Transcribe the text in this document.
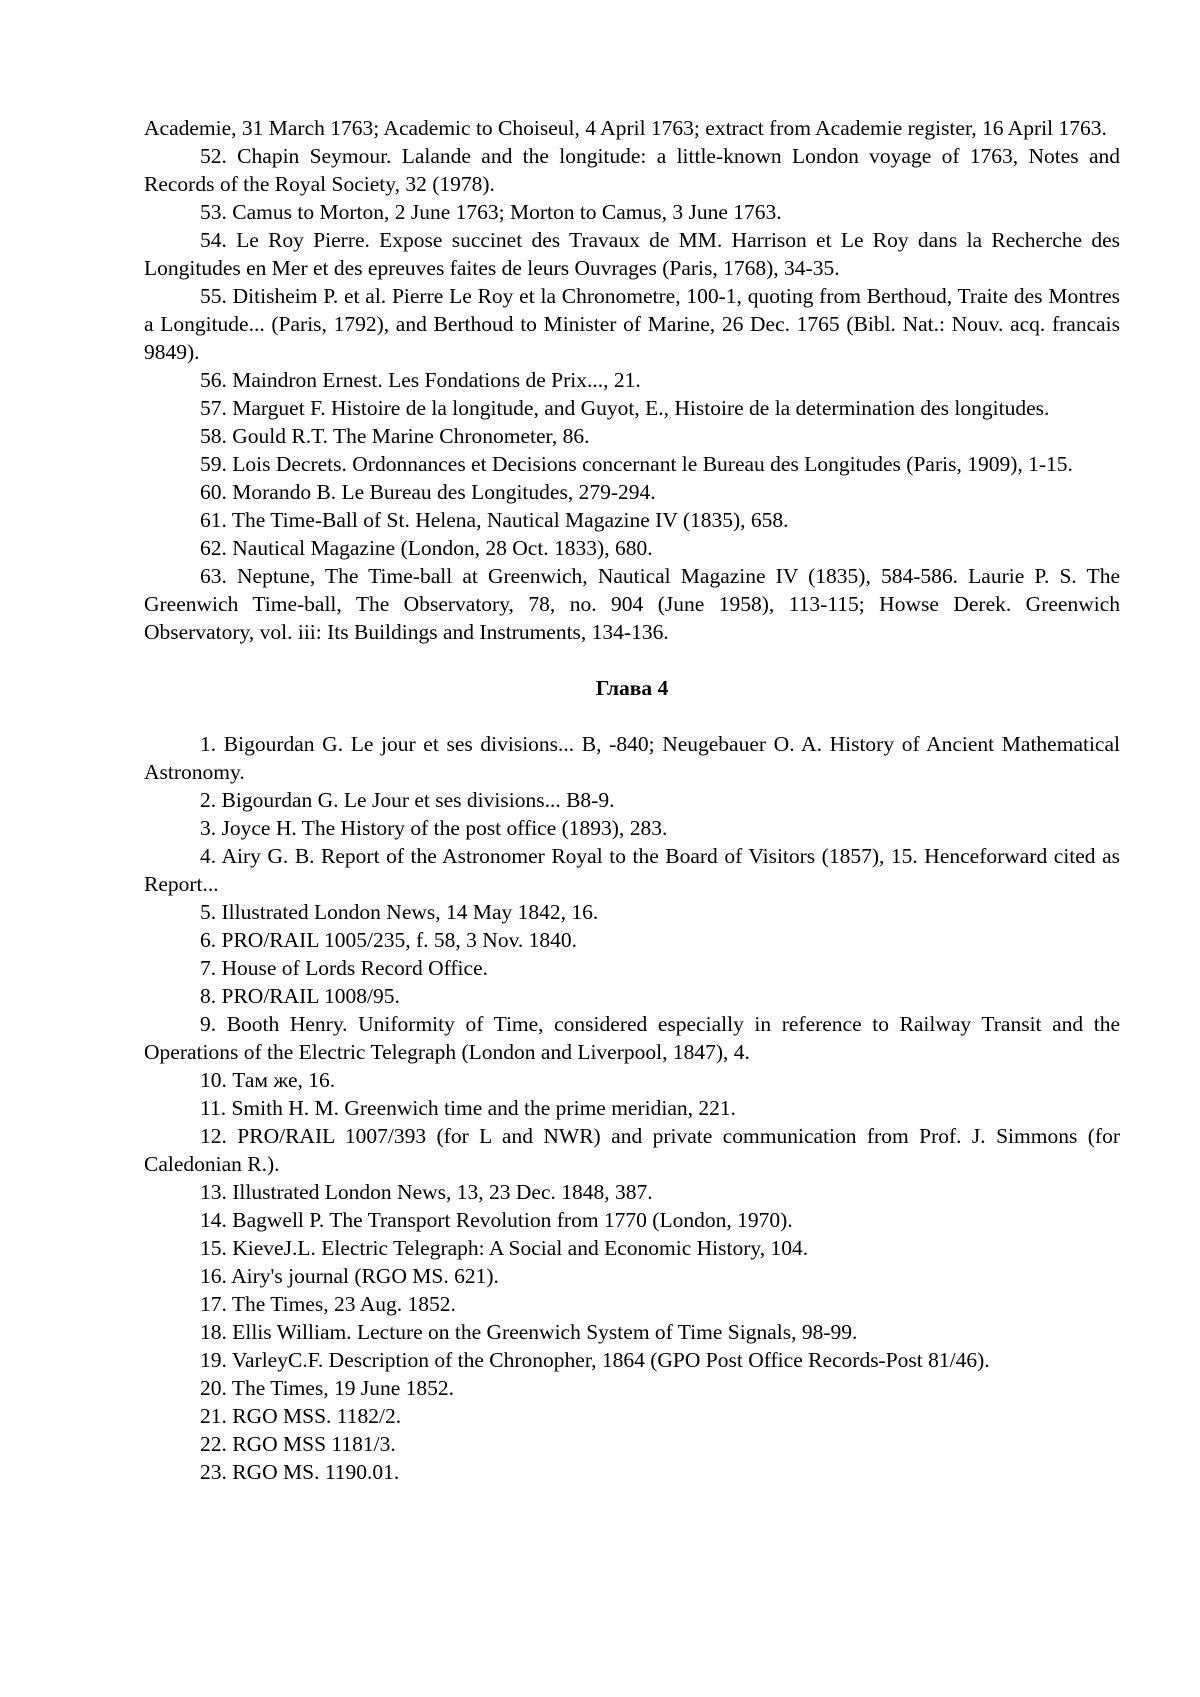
Academie, 31 March 1763; Academic to Choiseul, 4 April 1763; extract from Academie register, 16 April 1763.

52. Chapin Seymour. Lalande and the longitude: a little-known London voyage of 1763, Notes and Records of the Royal Society, 32 (1978).

53. Camus to Morton, 2 June 1763; Morton to Camus, 3 June 1763.

54. Le Roy Pierre. Expose succinet des Travaux de MM. Harrison et Le Roy dans la Recherche des Longitudes en Mer et des epreuves faites de leurs Ouvrages (Paris, 1768), 34-35.

55. Ditisheim P. et al. Pierre Le Roy et la Chronometre, 100-1, quoting from Berthoud, Traite des Montres a Longitude... (Paris, 1792), and Berthoud to Minister of Marine, 26 Dec. 1765 (Bibl. Nat.: Nouv. acq. francais 9849).

56. Maindron Ernest. Les Fondations de Prix..., 21.

57. Marguet F. Histoire de la longitude, and Guyot, E., Histoire de la determination des longitudes.

58. Gould R.T. The Marine Chronometer, 86.

59. Lois Decrets. Ordonnances et Decisions concernant le Bureau des Longitudes (Paris, 1909), 1-15.

60. Morando B. Le Bureau des Longitudes, 279-294.

61. The Time-Ball of St. Helena, Nautical Magazine IV (1835), 658.

62. Nautical Magazine (London, 28 Oct. 1833), 680.

63. Neptune, The Time-ball at Greenwich, Nautical Magazine IV (1835), 584-586. Laurie P. S. The Greenwich Time-ball, The Observatory, 78, no. 904 (June 1958), 113-115; Howse Derek. Greenwich Observatory, vol. iii: Its Buildings and Instruments, 134-136.

Глава 4

1. Bigourdan G. Le jour et ses divisions... B, -840; Neugebauer O. A. History of Ancient Mathematical Astronomy.

2. Bigourdan G. Le Jour et ses divisions... B8-9.

3. Joyce H. The History of the post office (1893), 283.

4. Airy G. B. Report of the Astronomer Royal to the Board of Visitors (1857), 15. Henceforward cited as Report...

5. Illustrated London News, 14 May 1842, 16.

6. PRO/RAIL 1005/235, f. 58, 3 Nov. 1840.

7. House of Lords Record Office.

8. PRO/RAIL 1008/95.

9. Booth Henry. Uniformity of Time, considered especially in reference to Railway Transit and the Operations of the Electric Telegraph (London and Liverpool, 1847), 4.

10. Там же, 16.

11. Smith H. M. Greenwich time and the prime meridian, 221.

12. PRO/RAIL 1007/393 (for L and NWR) and private communication from Prof. J. Simmons (for Caledonian R.).

13. Illustrated London News, 13, 23 Dec. 1848, 387.

14. Bagwell P. The Transport Revolution from 1770 (London, 1970).

15. KieveJ.L. Electric Telegraph: A Social and Economic History, 104.

16. Airy's journal (RGO MS. 621).

17. The Times, 23 Aug. 1852.

18. Ellis William. Lecture on the Greenwich System of Time Signals, 98-99.

19. VarleyC.F. Description of the Chronopher, 1864 (GPO Post Office Records-Post 81/46).

20. The Times, 19 June 1852.

21. RGO MSS. 1182/2.

22. RGO MSS 1181/3.

23. RGO MS. 1190.01.
